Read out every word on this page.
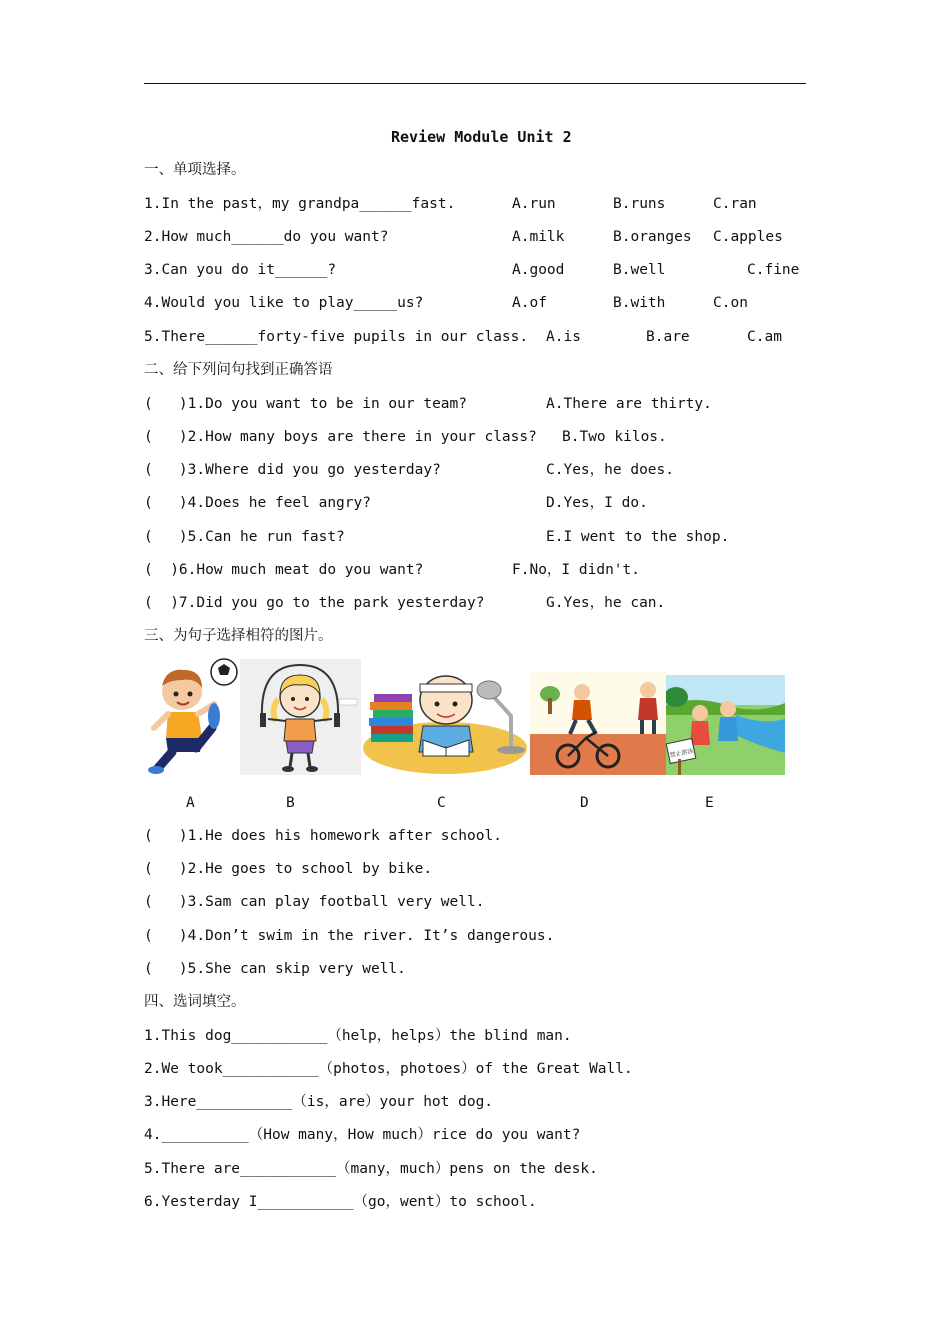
Review Module Unit 2
一、单项选择。
1.In the past，my grandpa______fast.	A.run	B.runs	C.ran
2.How much______do you want?	A.milk	B.oranges C.apples
3.Can you do it______?	A.good	B.well	C.fine
4.Would you like to play_____us?	A.of	B.with	C.on
5.There______forty-five pupils in our class. A.is	B.are	C.am
二、给下列问句找到正确答语
(   )1.Do you want to be in our team?	A.There are thirty.
(   )2.How many boys are there in your class? B.Two kilos.
(   )3.Where did you go yesterday?	C.Yes，he does.
(   )4.Does he feel angry?	D.Yes，I do.
(   )5.Can he run fast?	E.I went to the shop.
(  )6.How much meat do you want?	F.No，I didn't.
(  )7.Did you go to the park yesterday?	G.Yes，he can.
三、为句子选择相符的图片。
禁止游泳
A	B	C	D	E
(   )1.He does his homework after school.
(   )2.He goes to school by bike.
(   )3.Sam can play football very well.
(   )4.Don’t swim in the river. It’s dangerous.
(   )5.She can skip very well.
四、选词填空。
1.This dog___________（help，helps）the blind man.
2.We took___________（photos，photoes）of the Great Wall.
3.Here___________（is，are）your hot dog.
4.__________（How many，How much）rice do you want?
5.There are___________（many，much）pens on the desk.
6.Yesterday I___________（go，went）to school.
